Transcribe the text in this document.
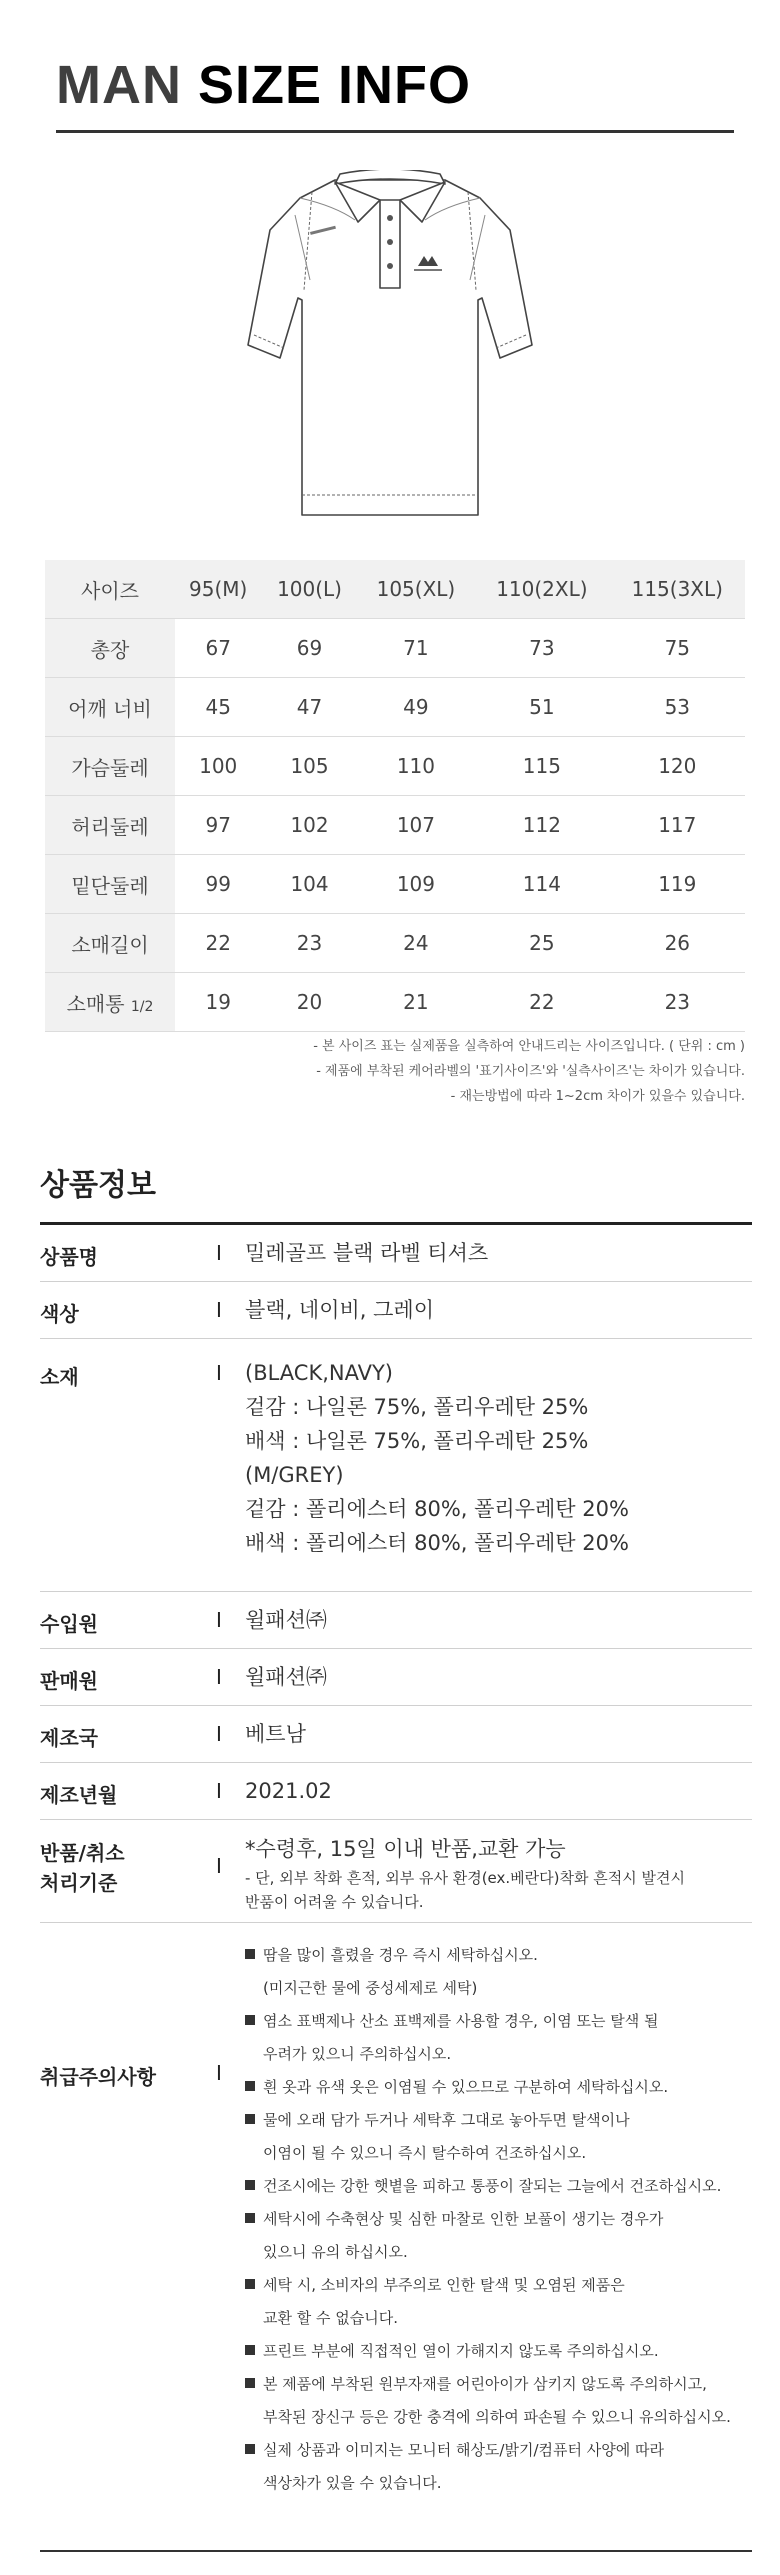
MAN SIZE INFO
사이즈	95(M)	100(L)	105(XL)	110(2XL)	115(3XL)
총장	67	69	71	73	75
어깨 너비	45	47	49	51	53
가슴둘레	100	105	110	115	120
허리둘레	97	102	107	112	117
밑단둘레	99	104	109	114	119
소매길이	22	23	24	25	26
소매통 1/2	19	20	21	22	23
- 본 사이즈 표는 실제품을 실측하여 안내드리는 사이즈입니다. ( 단위 : cm )
- 제품에 부착된 케어라벨의 '표기사이즈'와 '실측사이즈'는 차이가 있습니다.
- 재는방법에 따라 1~2cm 차이가 있을수 있습니다.
상품정보
상품명	I 밀레골프 블랙 라벨 티셔츠
색상	I 블랙, 네이비, 그레이
소재	I (BLACK,NAVY)
겉감 : 나일론 75%, 폴리우레탄 25%
배색 : 나일론 75%, 폴리우레탄 25%
(M/GREY)
겉감 : 폴리에스터 80%, 폴리우레탄 20%
배색 : 폴리에스터 80%, 폴리우레탄 20%
수입원	I 윌패션㈜
판매원	I 윌패션㈜
제조국	I 베트남
제조년월	I 2021.02
반품/취소
처리기준
I
*수령후, 15일 이내 반품,교환 가능
- 단, 외부 착화 흔적, 외부 유사 환경(ex.베란다)착화 흔적시 발견시
반품이 어려울 수 있습니다.
취급주의사항	I
땀을 많이 흘렸을 경우 즉시 세탁하십시오.
(미지근한 물에 중성세제로 세탁)
염소 표백제나 산소 표백제를 사용할 경우, 이염 또는 탈색 될
우려가 있으니 주의하십시오.
흰 옷과 유색 옷은 이염될 수 있으므로 구분하여 세탁하십시오.
물에 오래 담가 두거나 세탁후 그대로 놓아두면 탈색이나
이염이 될 수 있으니 즉시 탈수하여 건조하십시오.
건조시에는 강한 햇볕을 피하고 통풍이 잘되는 그늘에서 건조하십시오.
세탁시에 수축현상 및 심한 마찰로 인한 보풀이 생기는 경우가
있으니 유의 하십시오.
세탁 시, 소비자의 부주의로 인한 탈색 및 오염된 제품은
교환 할 수 없습니다.
프린트 부분에 직접적인 열이 가해지지 않도록 주의하십시오.
본 제품에 부착된 원부자재를 어린아이가 삼키지 않도록 주의하시고,
부착된 장신구 등은 강한 충격에 의하여 파손될 수 있으니 유의하십시오.
실제 상품과 이미지는 모니터 해상도/밝기/컴퓨터 사양에 따라
색상차가 있을 수 있습니다.
